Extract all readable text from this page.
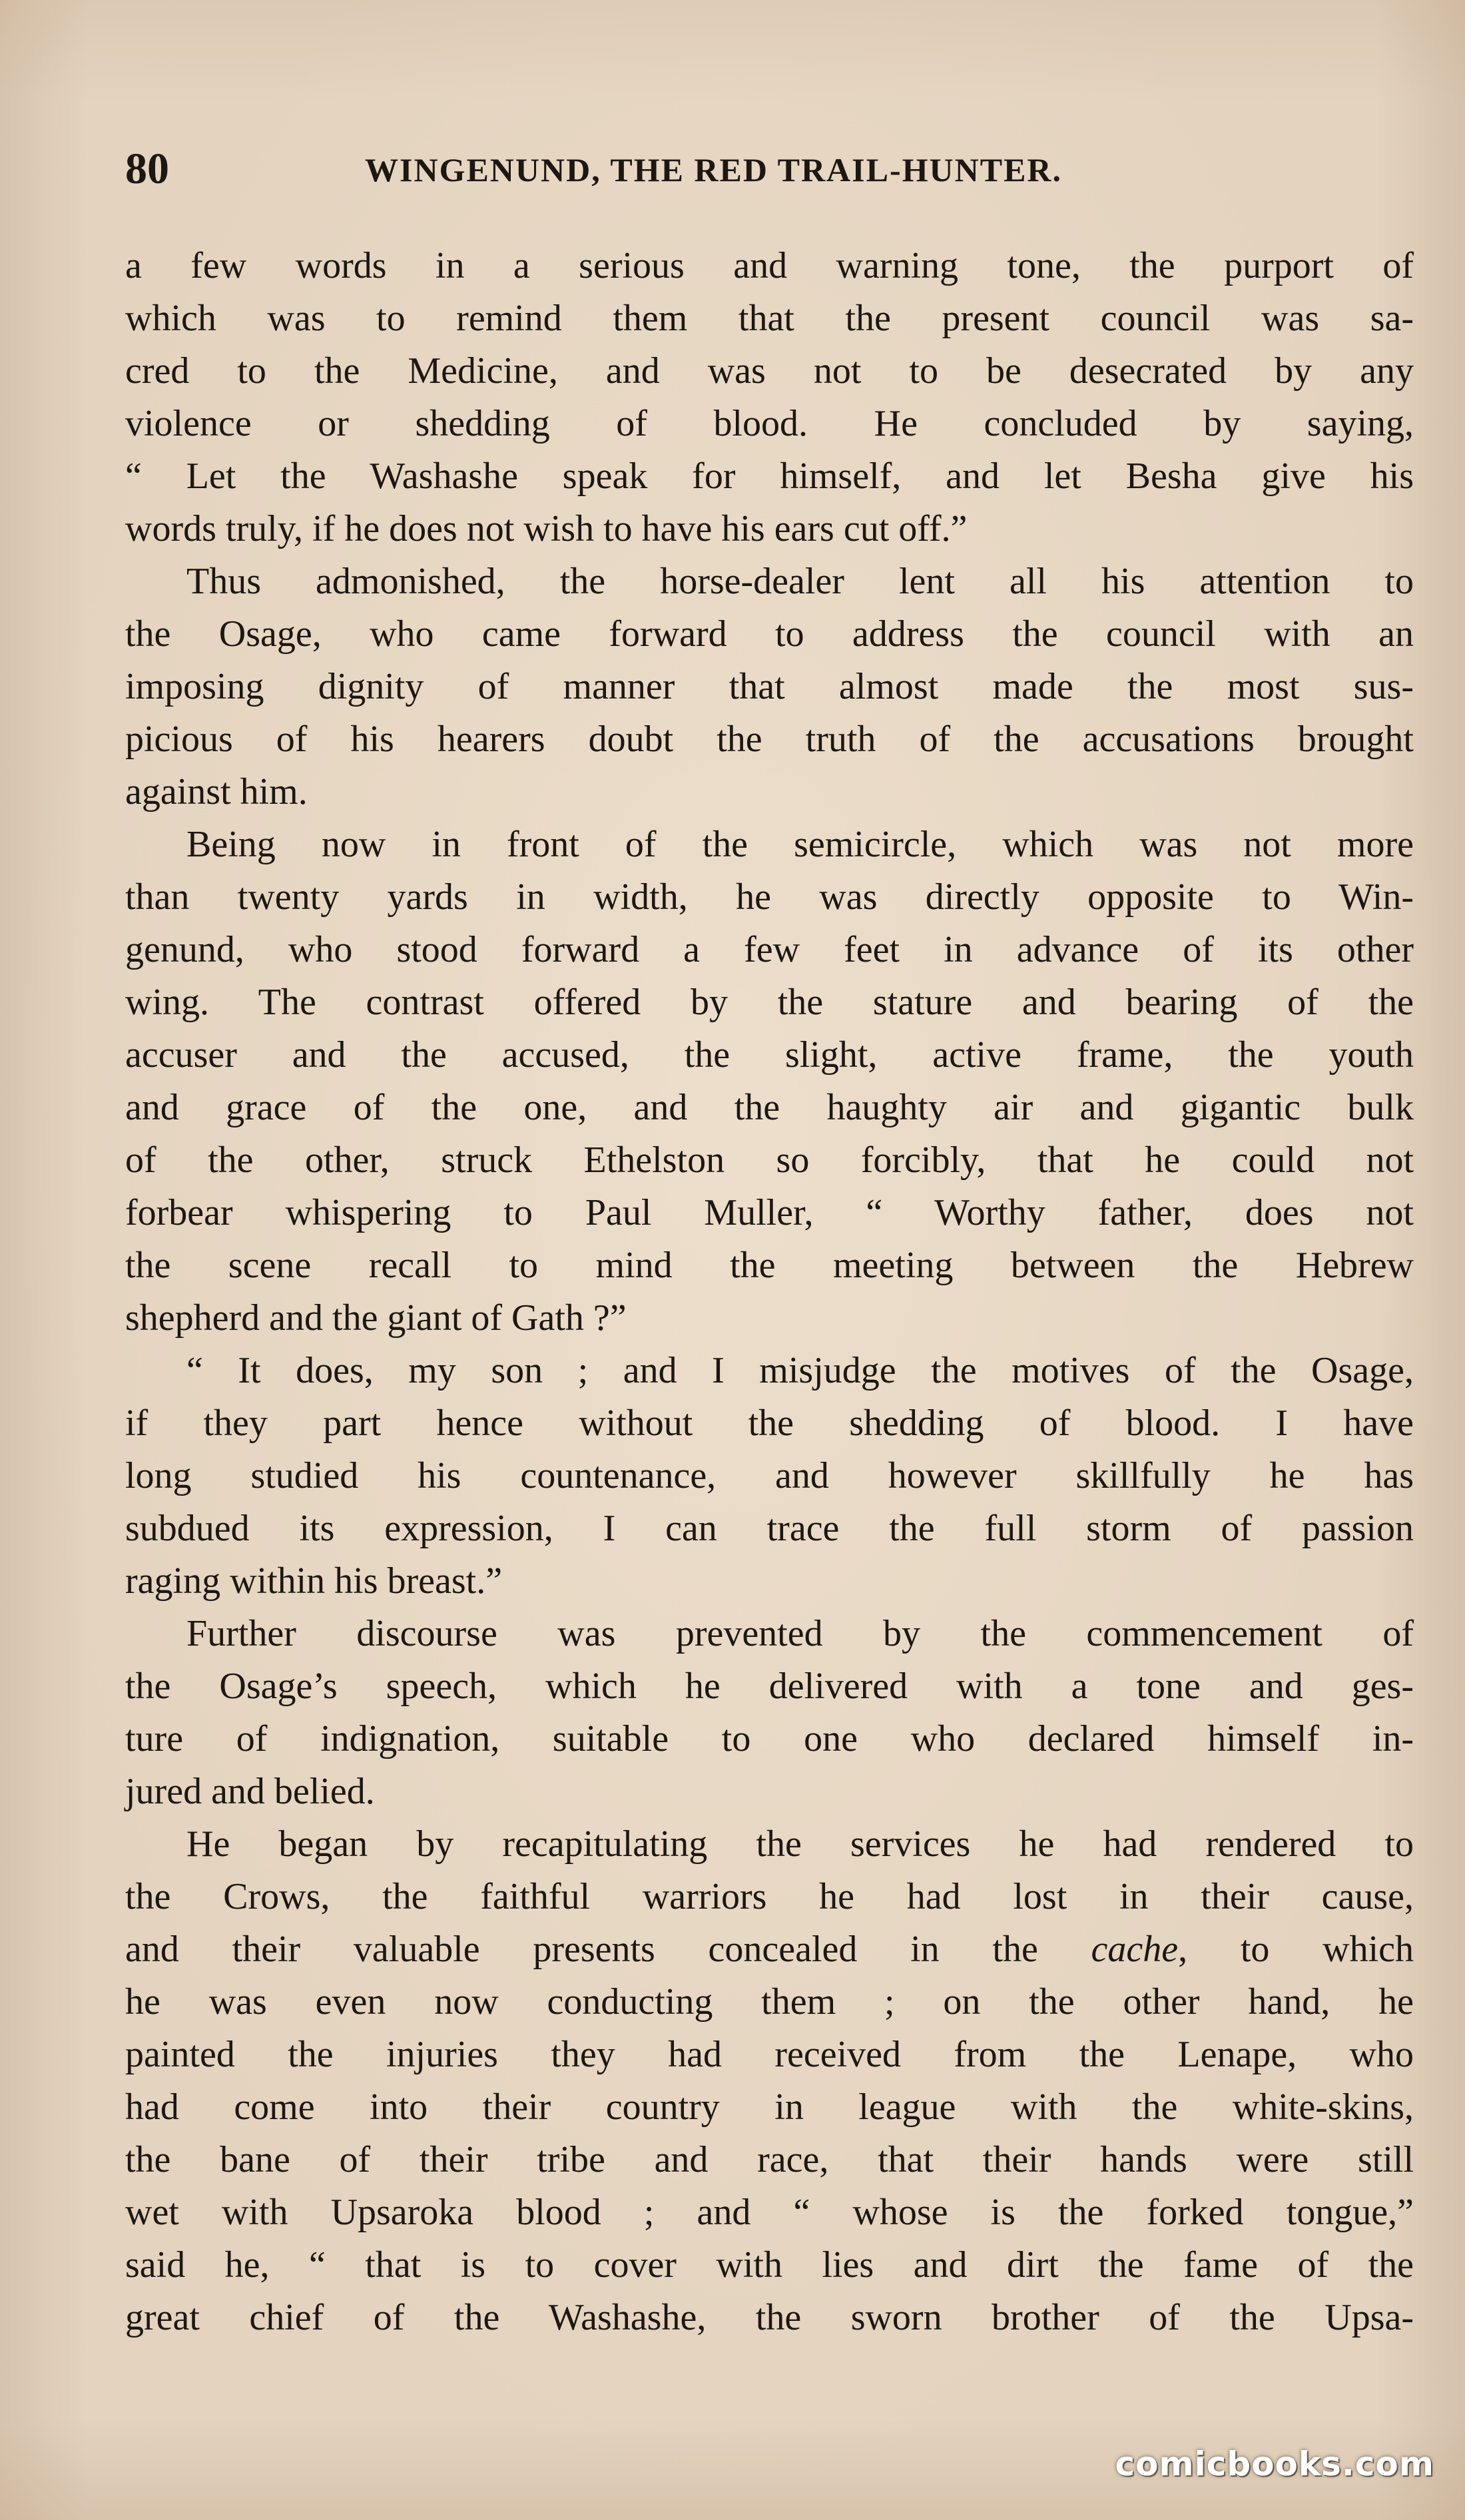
80	WINGENUND, THE RED TRAIL-HUNTER.
a few words in a serious and warning tone, the purport of
which was to remind them that the present council was sa-
cred to the Medicine, and was not to be desecrated by any
violence or shedding of blood. He concluded by saying,
“ Let the Washashe speak for himself, and let Besha give his
words truly, if he does not wish to have his ears cut off.”
Thus admonished, the horse-dealer lent all his attention to
the Osage, who came forward to address the council with an
imposing dignity of manner that almost made the most sus-
picious of his hearers doubt the truth of the accusations brought
against him.
Being now in front of the semicircle, which was not more
than twenty yards in width, he was directly opposite to Win-
genund, who stood forward a few feet in advance of its other
wing. The contrast offered by the stature and bearing of the
accuser and the accused, the slight, active frame, the youth
and grace of the one, and the haughty air and gigantic bulk
of the other, struck Ethelston so forcibly, that he could not
forbear whispering to Paul Muller, “ Worthy father, does not
the scene recall to mind the meeting between the Hebrew
shepherd and the giant of Gath ?”
“ It does, my son ; and I misjudge the motives of the Osage,
if they part hence without the shedding of blood. I have
long studied his countenance, and however skillfully he has
subdued its expression, I can trace the full storm of passion
raging within his breast.”
Further discourse was prevented by the commencement of
the Osage’s speech, which he delivered with a tone and ges-
ture of indignation, suitable to one who declared himself in-
jured and belied.
He began by recapitulating the services he had rendered to
the Crows, the faithful warriors he had lost in their cause,
and their valuable presents concealed in the cache, to which
he was even now conducting them ; on the other hand, he
painted the injuries they had received from the Lenape, who
had come into their country in league with the white-skins,
the bane of their tribe and race, that their hands were still
wet with Upsaroka blood ; and “ whose is the forked tongue,”
said he, “ that is to cover with lies and dirt the fame of the
great chief of the Washashe, the sworn brother of the Upsa-
comicbooks.com
